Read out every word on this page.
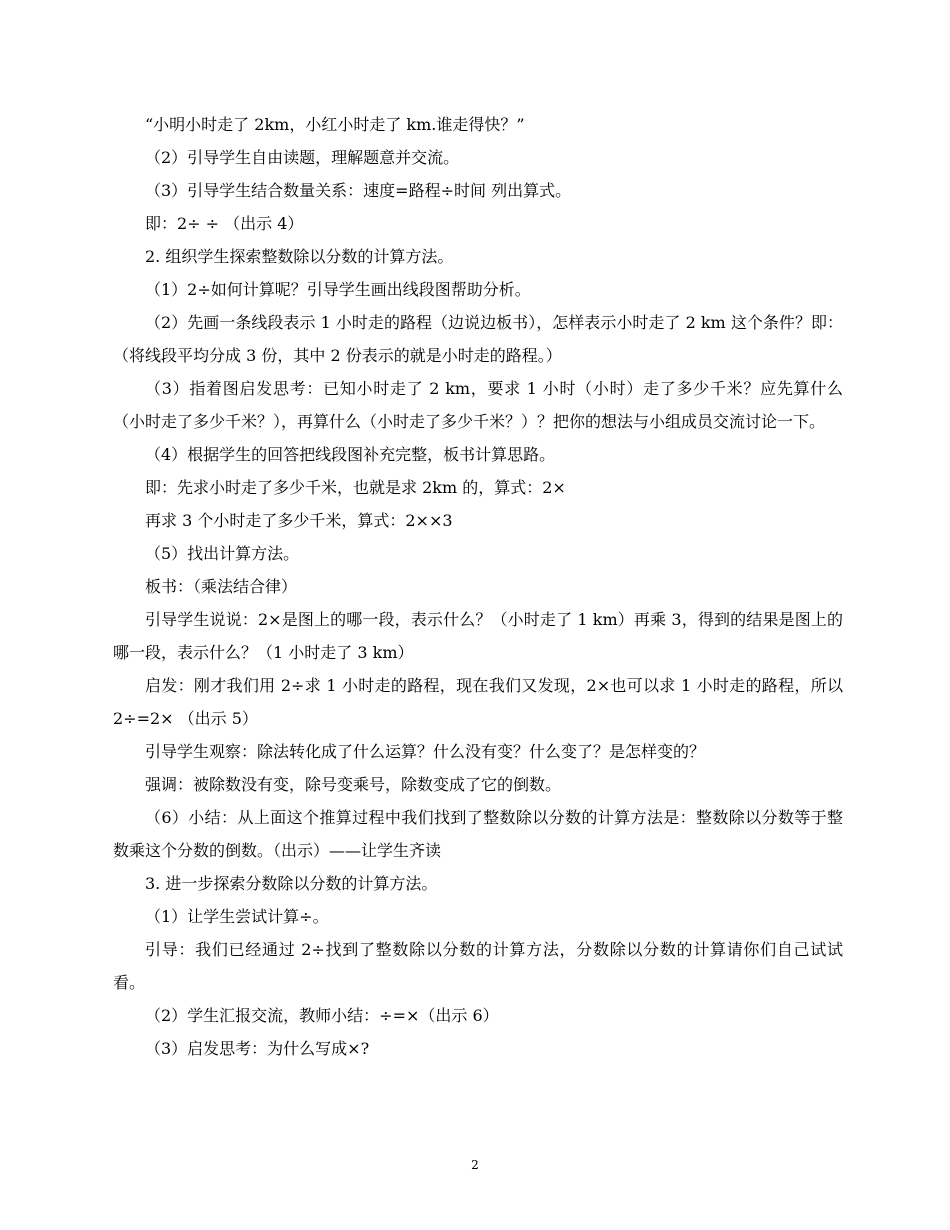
“小明小时走了 2km，小红小时走了 km.谁走得快？”

（2）引导学生自由读题，理解题意并交流。

（3）引导学生结合数量关系：速度=路程÷时间 列出算式。

即：2÷ ÷ （出示 4）

2. 组织学生探索整数除以分数的计算方法。

（1）2÷如何计算呢？引导学生画出线段图帮助分析。

（2）先画一条线段表示 1 小时走的路程（边说边板书），怎样表示小时走了 2 km 这个条件？即：（将线段平均分成 3 份，其中 2 份表示的就是小时走的路程。）

（3）指着图启发思考：已知小时走了 2 km，要求 1 小时（小时）走了多少千米？应先算什么（小时走了多少千米？），再算什么（小时走了多少千米？）？把你的想法与小组成员交流讨论一下。

（4）根据学生的回答把线段图补充完整，板书计算思路。

即：先求小时走了多少千米，也就是求 2km 的，算式：2×

再求 3 个小时走了多少千米，算式：2××3

（5）找出计算方法。

板书：（乘法结合律）

引导学生说说：2×是图上的哪一段，表示什么？（小时走了 1 km）再乘 3，得到的结果是图上的哪一段，表示什么？（1 小时走了 3 km）

启发：刚才我们用 2÷求 1 小时走的路程，现在我们又发现，2×也可以求 1 小时走的路程，所以 2÷=2× （出示 5）

引导学生观察：除法转化成了什么运算？什么没有变？什么变了？是怎样变的？

强调：被除数没有变，除号变乘号，除数变成了它的倒数。

（6）小结：从上面这个推算过程中我们找到了整数除以分数的计算方法是：整数除以分数等于整数乘这个分数的倒数。（出示）——让学生齐读

3. 进一步探索分数除以分数的计算方法。

（1）让学生尝试计算÷。

引导：我们已经通过 2÷找到了整数除以分数的计算方法，分数除以分数的计算请你们自己试试看。

（2）学生汇报交流，教师小结：÷=×（出示 6）

（3）启发思考：为什么写成×?

2
